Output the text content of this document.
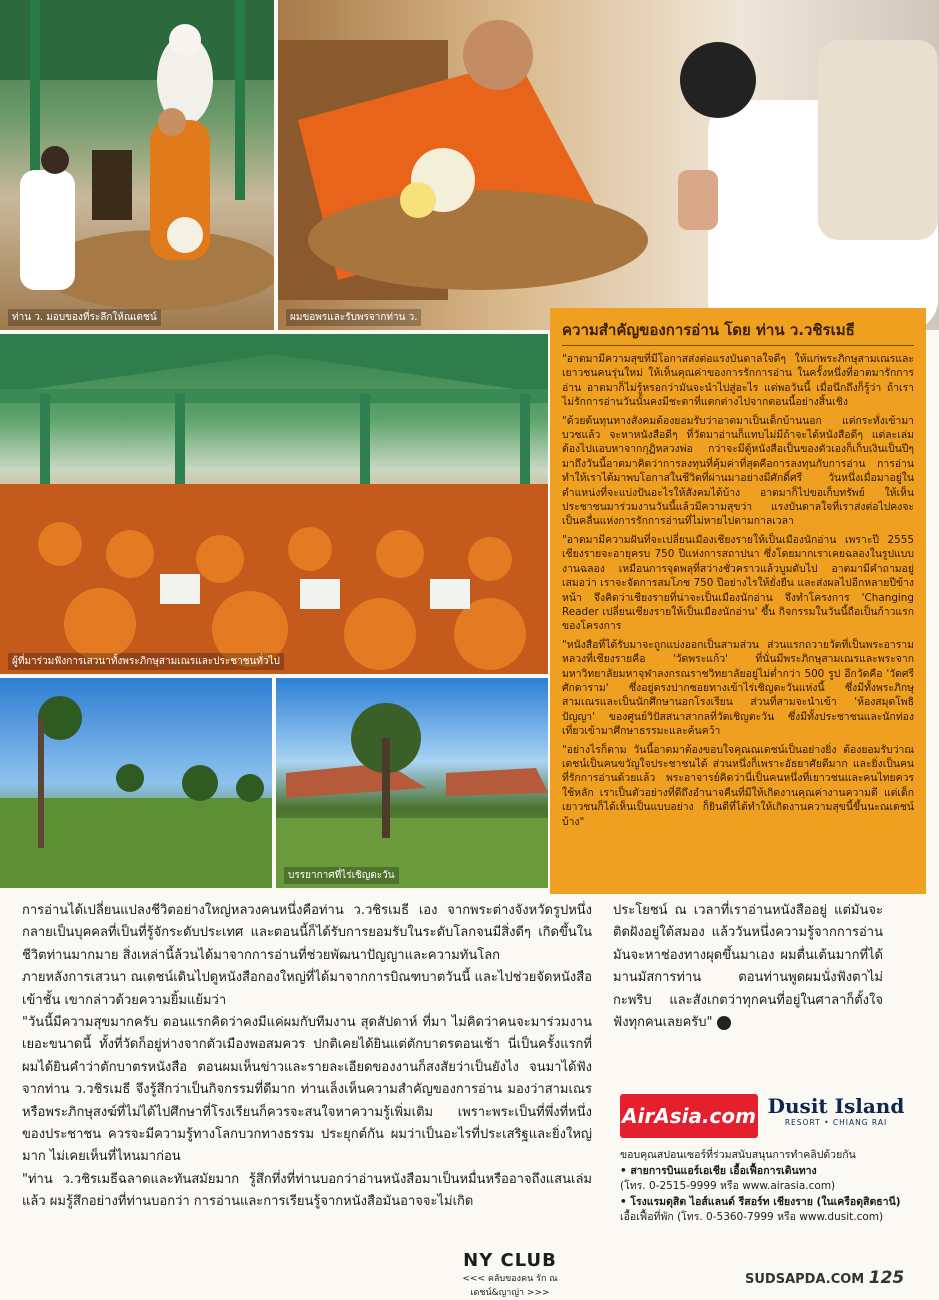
ท่าน ว. มอบของที่ระลึกให้ณเดชน์	ผมขอพรและรับพรจากท่าน ว.
ผู้ที่มาร่วมฟังการเสวนาทั้งพระภิกษุสามเณรและประชาชนทั่วไป
บรรยากาศที่ไร่เชิญตะวัน
ความสำคัญของการอ่าน โดย ท่าน ว.วชิรเมธี

"อาตมามีความสุขที่มีโอกาสส่งต่อแรงบันดาลใจดีๆ ให้แก่พระภิกษุสามเณรและเยาวชนคนรุ่นใหม่ ให้เห็นคุณค่าของการรักการอ่าน ในครั้งหนึ่งที่อาตมารักการอ่าน อาตมาก็ไม่รู้หรอกว่ามันจะนำไปสู่อะไร แต่พอวันนี้ เมื่อนึกถึงก็รู้ว่า ถ้าเราไม่รักการอ่านวันนั้นคงมีชะตาที่แตกต่างไปจากตอนนี้อย่างสิ้นเชิง

"ด้วยต้นทุนทางสังคมต้องยอมรับว่าอาตมาเป็นเด็กบ้านนอก แต่กระทั่งเข้ามาบวชแล้ว จะหาหนังสือดีๆ ที่วัดมาอ่านก็แทบไม่มีถ้าจะได้หนังสือดีๆ แต่ละเล่มต้องไปแอบหาจากกุฏิหลวงพ่อ กว่าจะมีตู้หนังสือเป็นของตัวเองก็เก็บเงินเป็นปีๆ มาถึงวันนี้อาตมาคิดว่าการลงทุนที่คุ้มค่าที่สุดคือการลงทุนกับการอ่าน การอ่านทำให้เราได้มาพบโอกาสในชีวิตที่ผ่านมาอย่างมีศักดิ์ศรี วันหนึ่งเมื่อมาอยู่ในตำแหน่งที่จะแบ่งปันอะไรให้สังคมได้บ้าง อาตมาก็ไปขอเก็บทรัพย์ ให้เห็นประชาชนมาร่วมงานวันนี้แล้วมีความสุขว่า แรงบันดาลใจที่เราส่งต่อไปคงจะเป็นคลื่นแห่งการรักการอ่านที่ไม่หายไปตามกาลเวลา

"อาตมามีความฝันที่จะเปลี่ยนเมืองเชียงรายให้เป็นเมืองนักอ่าน เพราะปี 2555 เชียงรายจะอายุครบ 750 ปีแห่งการสถาปนา ซึ่งโดยมากเราเคยฉลองในรูปแบบงานฉลอง เหมือนการจุดพลุที่สว่างชั่วคราวแล้วบูมดับไป อาตมามีคำถามอยู่เสมอว่า เราจะจัดการสมโภช 750 ปีอย่างไรให้ยั่งยืน และส่งผลไปอีกหลายปีข้างหน้า จึงคิดว่าเชียงรายที่น่าจะเป็นเมืองนักอ่าน จึงทำโครงการ 'Changing Reader เปลี่ยนเชียงรายให้เป็นเมืองนักอ่าน' ขึ้น กิจกรรมในวันนี้ถือเป็นก้าวแรกของโครงการ

"หนังสือที่ได้รับมาจะถูกแบ่งออกเป็นสามส่วน ส่วนแรกถวายวัดที่เป็นพระอารามหลวงที่เชียงรายคือ 'วัดพระแก้ว' ที่นั่นมีพระภิกษุสามเณรและพระจากมหาวิทยาลัยมหาจุฬาลงกรณราชวิทยาลัยอยู่ไม่ต่ำกว่า 500 รูป อีกวัดคือ 'วัดศรีศักดาราม' ซึ่งอยู่ตรงปากซอยทางเข้าไร่เชิญตะวันแห่งนี้ ซึ่งมีทั้งพระภิกษุสามเณรและเป็นนักศึกษานอกโรงเรียน ส่วนที่สามจะนำเข้า 'ห้องสมุดโพธิปัญญา' ของศูนย์วิปัสสนาสากลที่วัดเชิญตะวัน ซึ่งมีทั้งประชาชนและนักท่องเที่ยวเข้ามาศึกษาธรรมะและค้นคว้า

"อย่างไรก็ตาม วันนี้อาตมาต้องขอบใจคุณณเดชน์เป็นอย่างยิ่ง ต้องยอมรับว่าณเดชน์เป็นคนขวัญใจประชาชนได้ ส่วนหนึ่งก็เพราะอัธยาศัยดีมาก และยิ่งเป็นคนที่รักการอ่านด้วยแล้ว พระอาจารย์คิดว่านี่เป็นคนหนึ่งที่เยาวชนและคนไทยควรใช้หลัก เราเป็นตัวอย่างที่ดีถึงอำนาจคืนที่มีให้เกิดงานคุณค่างานความดี แต่เด็กเยาวชนก็ได้เห็นเป็นแบบอย่าง ก็ยินดีที่ได้ทำให้เกิดงานความสุขนี้ขึ้นนะณเดชน์บ้าง"

การอ่านได้เปลี่ยนแปลงชีวิตอย่างใหญ่หลวงคนหนึ่งคือท่าน ว.วชิรเมธี เอง จากพระต่างจังหวัดรูปหนึ่งกลายเป็นบุคคลที่เป็นที่รู้จักระดับประเทศ และตอนนี้ก็ได้รับการยอมรับในระดับโลกจนมีสิ่งดีๆ เกิดขึ้นในชีวิตท่านมากมาย สิ่งเหล่านี้ล้วนได้มาจากการอ่านที่ช่วยพัฒนาปัญญาและความทันโลก

ภายหลังการเสวนา ณเดชน์เดินไปดูหนังสือกองใหญ่ที่ได้มาจากการบิณฑบาตวันนี้ และไปช่วยจัดหนังสือเข้าชั้น เขากล่าวด้วยความยิ้มแย้มว่า

"วันนี้มีความสุขมากครับ ตอนแรกคิดว่าคงมีแค่ผมกับทีมงาน สุดสัปดาห์ ที่มา ไม่คิดว่าคนจะมาร่วมงานเยอะขนาดนี้ ทั้งที่วัดก็อยู่ห่างจากตัวเมืองพอสมควร ปกติเคยได้ยินแต่ตักบาตรตอนเช้า นี่เป็นครั้งแรกที่ผมได้ยินคำว่าตักบาตรหนังสือ ตอนผมเห็นข่าวและรายละเอียดของงานก็สงสัยว่าเป็นยังไง จนมาได้ฟังจากท่าน ว.วชิรเมธี จึงรู้สึกว่าเป็นกิจกรรมที่ดีมาก ท่านเล็งเห็นความสำคัญของการอ่าน มองว่าสามเณรหรือพระภิกษุสงฆ์ที่ไม่ได้ไปศึกษาที่โรงเรียนก็ควรจะสนใจหาความรู้เพิ่มเติม เพราะพระเป็นที่พึ่งที่หนึ่งของประชาชน ควรจะมีความรู้ทางโลกบวกทางธรรม ประยุกต์กัน ผมว่าเป็นอะไรที่ประเสริฐและยิ่งใหญ่มาก ไม่เคยเห็นที่ไหนมาก่อน

"ท่าน ว.วชิรเมธีฉลาดและทันสมัยมาก รู้สึกทึ่งที่ท่านบอกว่าอ่านหนังสือมาเป็นหมื่นหรืออาจถึงแสนเล่มแล้ว ผมรู้สึกอย่างที่ท่านบอกว่า การอ่านและการเรียนรู้จากหนังสือมันอาจจะไม่เกิด

ประโยชน์ ณ เวลาที่เราอ่านหนังสืออยู่ แต่มันจะติดฝังอยู่ใต้สมอง แล้ววันหนึ่งความรู้จากการอ่านมันจะหาช่องทางผุดขึ้นมาเอง ผมตื่นเต้นมากที่ได้มานมัสการท่าน ตอนท่านพูดผมนั่งฟังตาไม่กะพริบ และสังเกตว่าทุกคนที่อยู่ในศาลาก็ตั้งใจฟังทุกคนเลยครับ"

AirAsia.com Dusit Island
RESORT • CHIANG RAI
ขอบคุณสปอนเซอร์ที่ร่วมสนับสนุนการทำคลิปด้วยกัน
• สายการบินแอร์เอเชีย เอื้อเฟื้อการเดินทาง
(โทร. 0-2515-9999 หรือ www.airasia.com)
• โรงแรมดุสิต ไอส์แลนด์ รีสอร์ท เชียงราย (ในเครือดุสิตธานี)
เอื้อเฟื้อที่พัก (โทร. 0-5360-7999 หรือ www.dusit.com)
NY CLUB
<<< คลับของคน รัก ณเดชน์&ญาญ่า >>>
SUDSAPDA.COM 125
